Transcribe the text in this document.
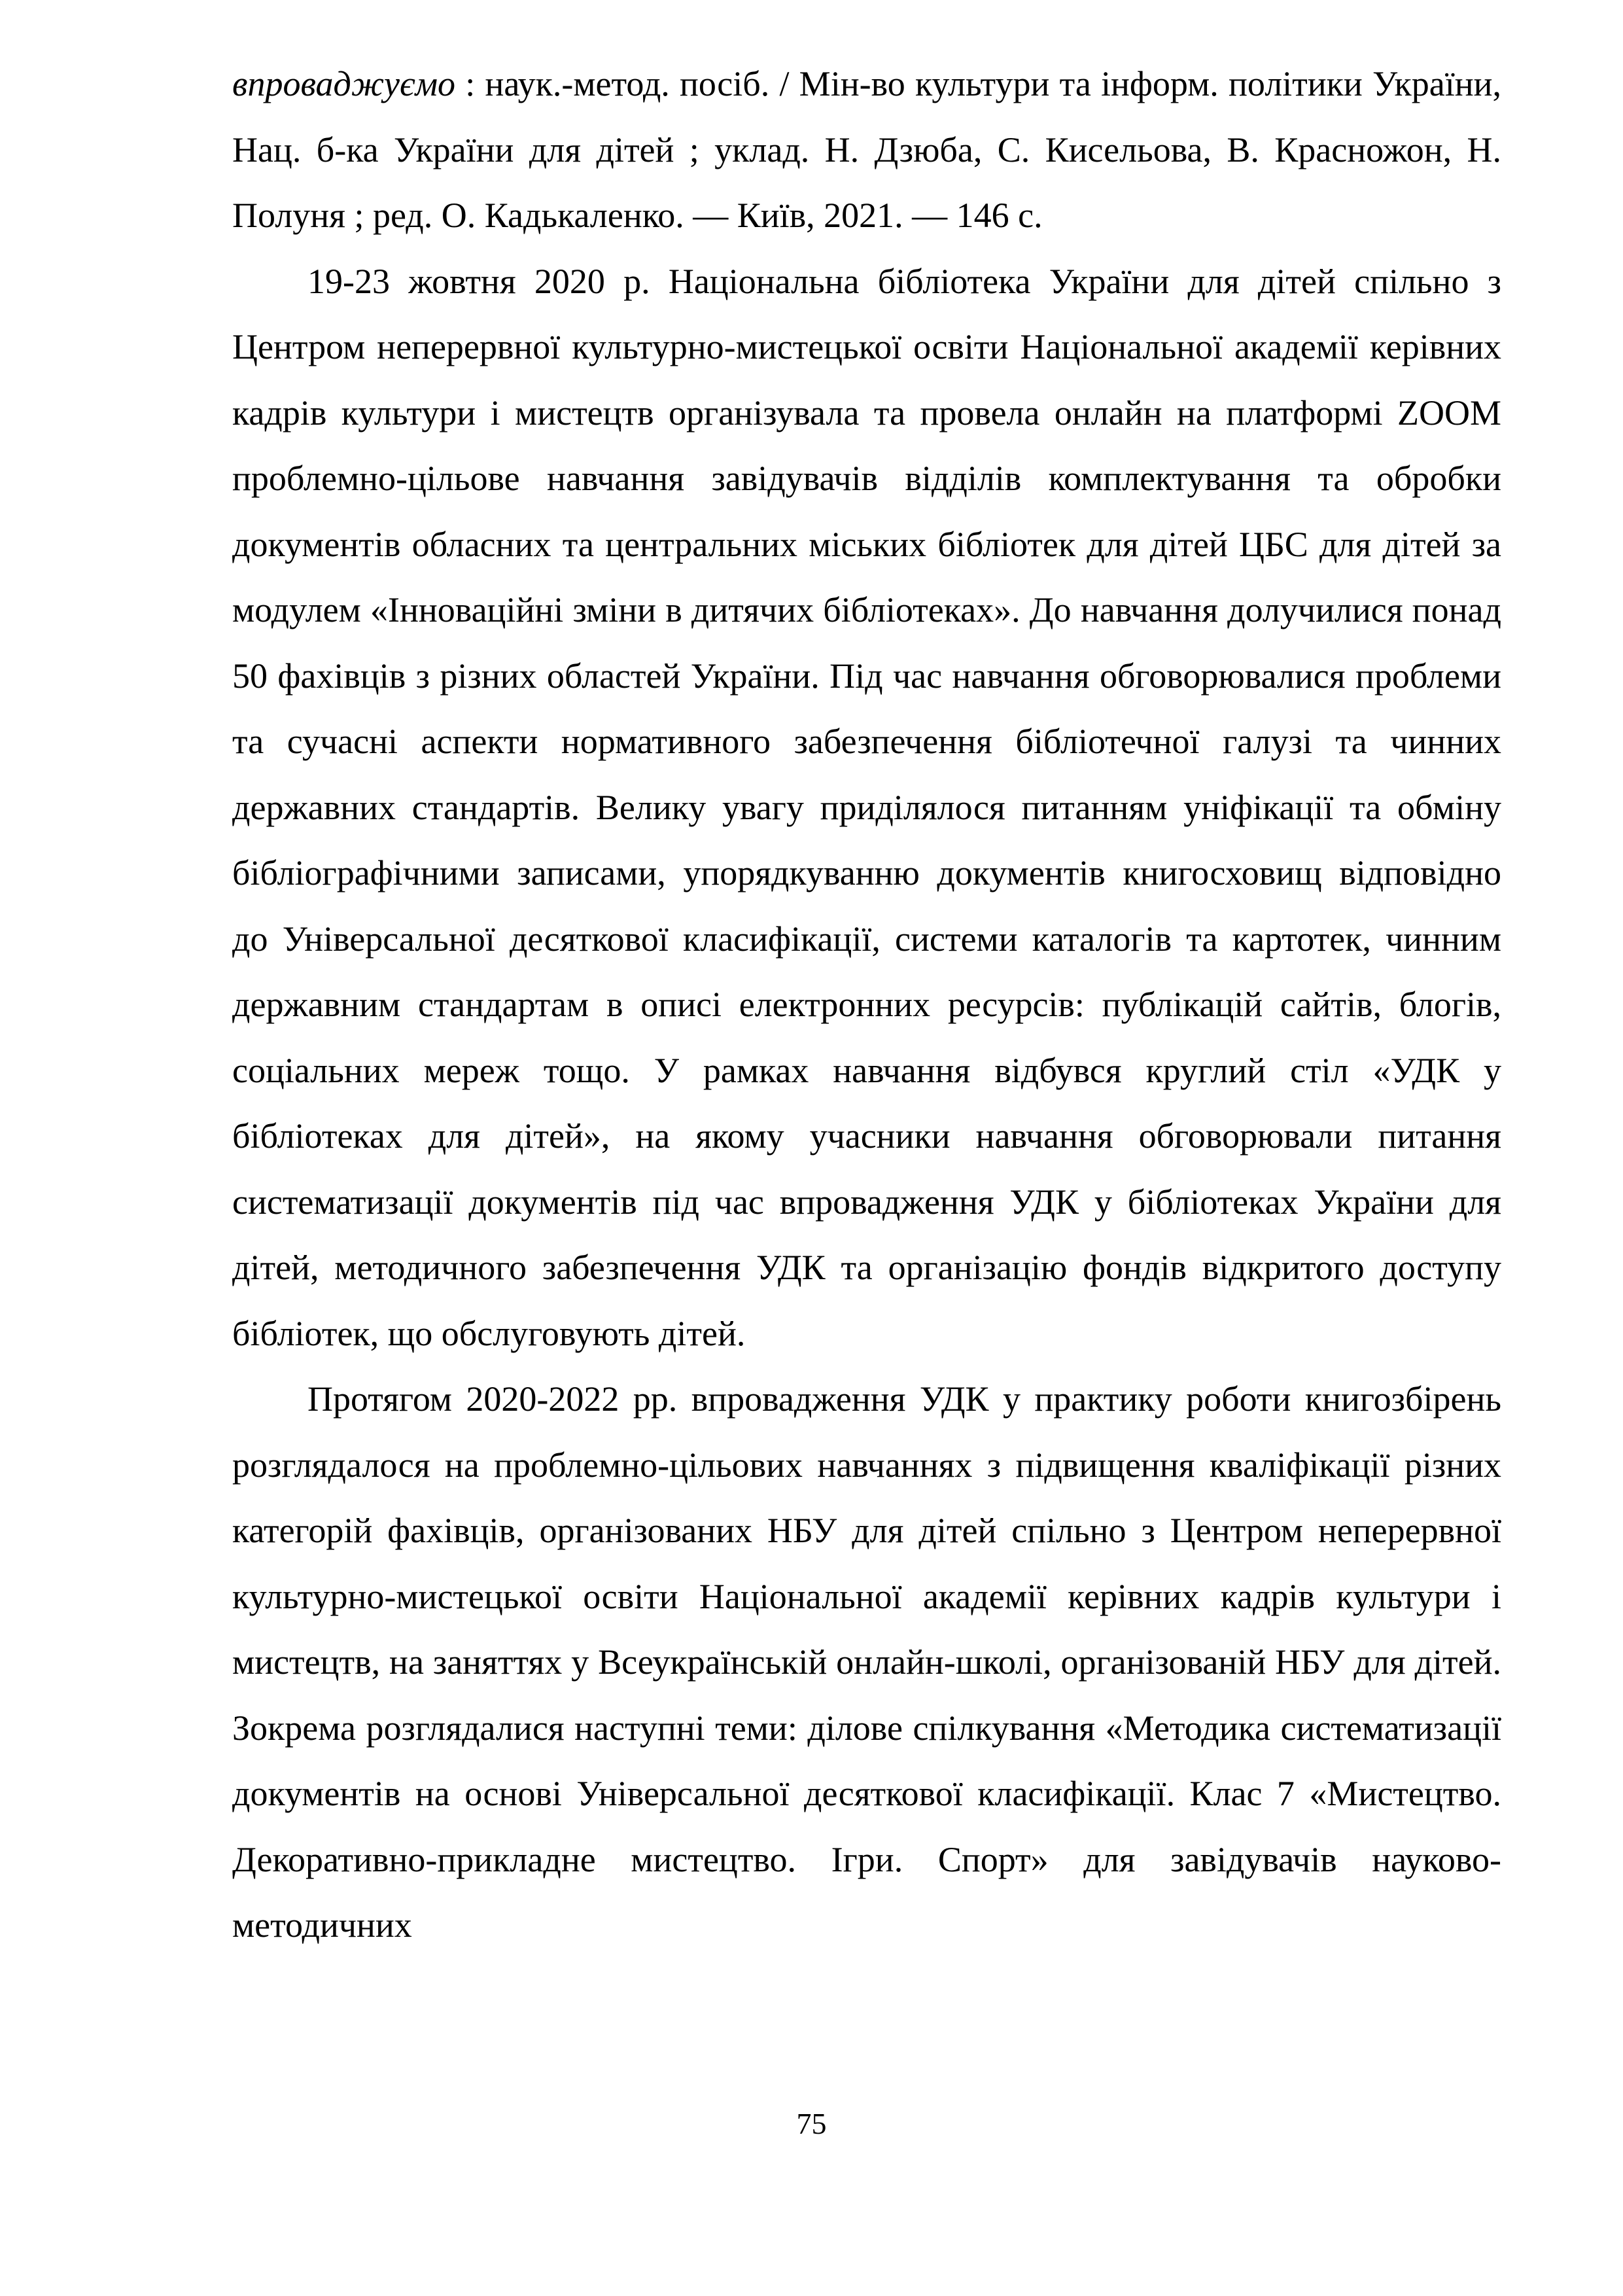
впроваджуємо : наук.-метод. посіб. / Мін-во культури та інформ. політики України, Нац. б-ка України для дітей ; уклад. Н. Дзюба, С. Кисельова, В. Красножон, Н. Полуня ; ред. О. Кадькаленко. — Київ, 2021. — 146 с.

19-23 жовтня 2020 р. Національна бібліотека України для дітей спільно з Центром неперервної культурно-мистецької освіти Національної академії керівних кадрів культури і мистецтв організувала та провела онлайн на платформі ZOOM проблемно-цільове навчання завідувачів відділів комплектування та обробки документів обласних та центральних міських бібліотек для дітей ЦБС для дітей за модулем «Інноваційні зміни в дитячих бібліотеках». До навчання долучилися понад 50 фахівців з різних областей України. Під час навчання обговорювалися проблеми та сучасні аспекти нормативного забезпечення бібліотечної галузі та чинних державних стандартів. Велику увагу приділялося питанням уніфікації та обміну бібліографічними записами, упорядкуванню документів книгосховищ відповідно до Універсальної десяткової класифікації, системи каталогів та картотек, чинним державним стандартам в описі електронних ресурсів: публікацій сайтів, блогів, соціальних мереж тощо. У рамках навчання відбувся круглий стіл «УДК у бібліотеках для дітей», на якому учасники навчання обговорювали питання систематизації документів під час впровадження УДК у бібліотеках України для дітей, методичного забезпечення УДК та організацію фондів відкритого доступу бібліотек, що обслуговують дітей.

Протягом 2020-2022 рр. впровадження УДК у практику роботи книгозбірень розглядалося на проблемно-цільових навчаннях з підвищення кваліфікації різних категорій фахівців, організованих НБУ для дітей спільно з Центром неперервної культурно-мистецької освіти Національної академії керівних кадрів культури і мистецтв, на заняттях у Всеукраїнській онлайн-школі, організованій НБУ для дітей. Зокрема розглядалися наступні теми: ділове спілкування «Методика систематизації документів на основі Універсальної десяткової класифікації. Клас 7 «Мистецтво. Декоративно-прикладне мистецтво. Ігри. Спорт» для завідувачів науково-методичних

75
